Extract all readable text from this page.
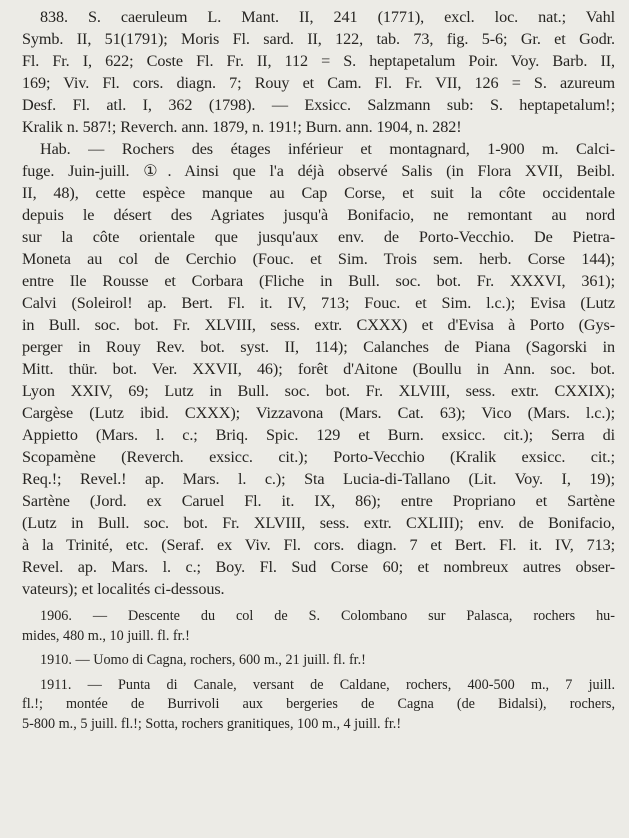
838. S. caeruleum L. Mant. II, 241 (1771), excl. loc. nat.; Vahl
Symb. II, 51(1791); Moris Fl. sard. II, 122, tab. 73, fig. 5-6; Gr. et Godr.
Fl. Fr. I, 622; Coste Fl. Fr. II, 112 = S. heptapetalum Poir. Voy. Barb. II,
169; Viv. Fl. cors. diagn. 7; Rouy et Cam. Fl. Fr. VII, 126 = S. azureum
Desf. Fl. atl. I, 362 (1798). — Exsicc. Salzmann sub: S. heptapetalum!;
Kralik n. 587!; Reverch. ann. 1879, n. 191!; Burn. ann. 1904, n. 282!
Hab. — Rochers des étages inférieur et montagnard, 1-900 m. Calci-
fuge. Juin-juill. ①. Ainsi que l'a déjà observé Salis (in Flora XVII, Beibl.
II, 48), cette espèce manque au Cap Corse, et suit la côte occidentale
depuis le désert des Agriates jusqu'à Bonifacio, ne remontant au nord
sur la côte orientale que jusqu'aux env. de Porto-Vecchio. De Pietra-
Moneta au col de Cerchio (Fouc. et Sim. Trois sem. herb. Corse 144);
entre Ile Rousse et Corbara (Fliche in Bull. soc. bot. Fr. XXXVI, 361);
Calvi (Soleirol! ap. Bert. Fl. it. IV, 713; Fouc. et Sim. l.c.); Evisa (Lutz
in Bull. soc. bot. Fr. XLVIII, sess. extr. CXXX) et d'Evisa à Porto (Gys-
perger in Rouy Rev. bot. syst. II, 114); Calanches de Piana (Sagorski in
Mitt. thür. bot. Ver. XXVII, 46); forêt d'Aitone (Boullu in Ann. soc. bot.
Lyon XXIV, 69; Lutz in Bull. soc. bot. Fr. XLVIII, sess. extr. CXXIX);
Cargèse (Lutz ibid. CXXX); Vizzavona (Mars. Cat. 63); Vico (Mars. l.c.);
Appietto (Mars. l. c.; Briq. Spic. 129 et Burn. exsicc. cit.); Serra di
Scopamène (Reverch. exsicc. cit.); Porto-Vecchio (Kralik exsicc. cit.;
Req.!; Revel.! ap. Mars. l. c.); Sta Lucia-di-Tallano (Lit. Voy. I, 19);
Sartène (Jord. ex Caruel Fl. it. IX, 86); entre Propriano et Sartène
(Lutz in Bull. soc. bot. Fr. XLVIII, sess. extr. CXLIII); env. de Bonifacio,
à la Trinité, etc. (Seraf. ex Viv. Fl. cors. diagn. 7 et Bert. Fl. it. IV, 713;
Revel. ap. Mars. l. c.; Boy. Fl. Sud Corse 60; et nombreux autres obser-
vateurs); et localités ci-dessous.
1906. — Descente du col de S. Colombano sur Palasca, rochers hu-
mides, 480 m., 10 juill. fl. fr.!
1910. — Uomo di Cagna, rochers, 600 m., 21 juill. fl. fr.!
1911. — Punta di Canale, versant de Caldane, rochers, 400-500 m., 7 juill.
fl.!; montée de Burrivoli aux bergeries de Cagna (de Bidalsi), rochers,
5-800 m., 5 juill. fl.!; Sotta, rochers granitiques, 100 m., 4 juill. fr.!
